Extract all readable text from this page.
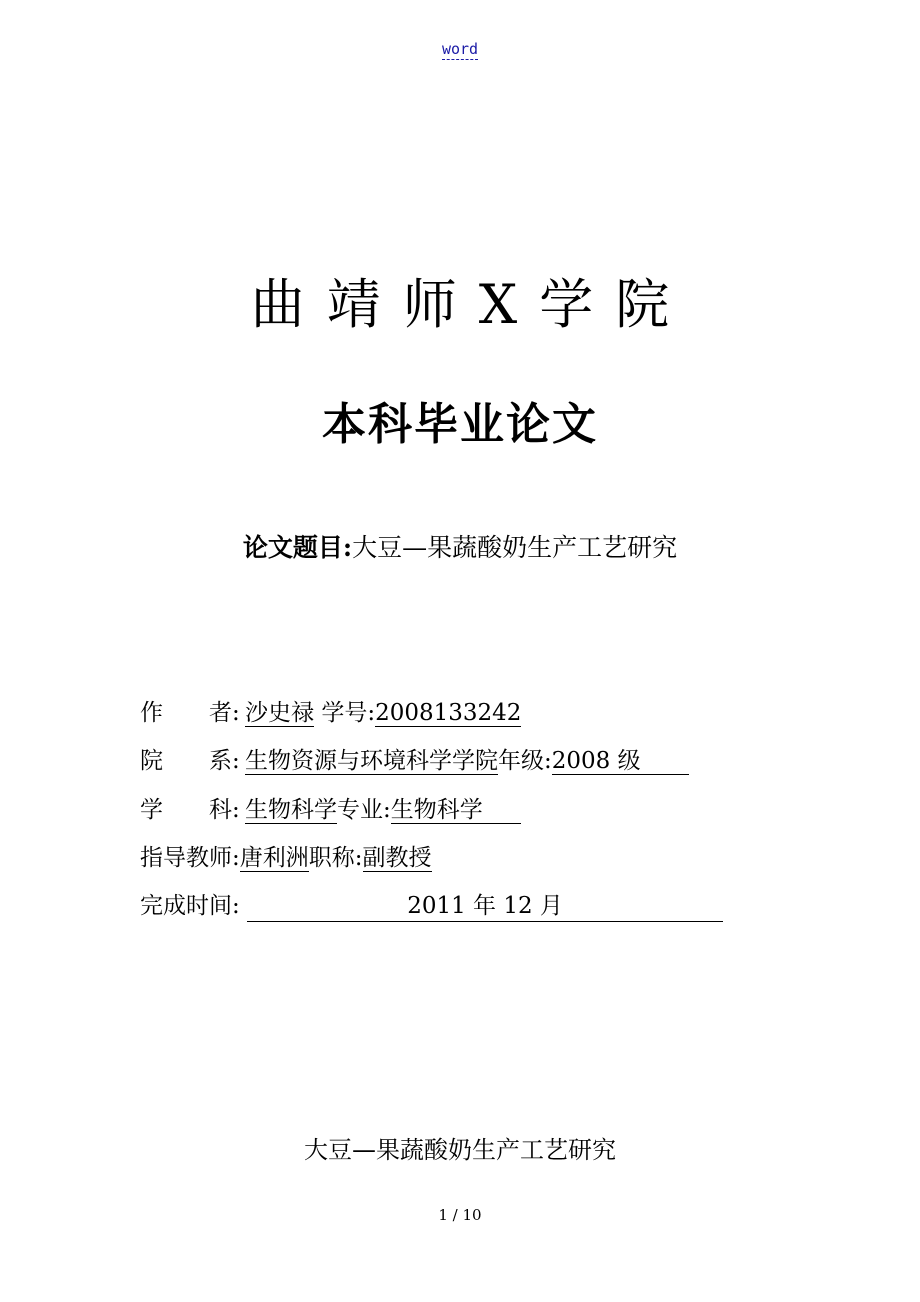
word
曲靖师X学院
本科毕业论文
论文题目:大豆—果蔬酸奶生产工艺研究
作　　者: 沙史禄 学号:2008133242
院　　系: 生物资源与环境科学学院年级:2008 级
学　　科: 生物科学专业:生物科学
指导教师:唐利洲职称:副教授
完成时间:	2011 年 12 月
大豆—果蔬酸奶生产工艺研究
1 / 10
